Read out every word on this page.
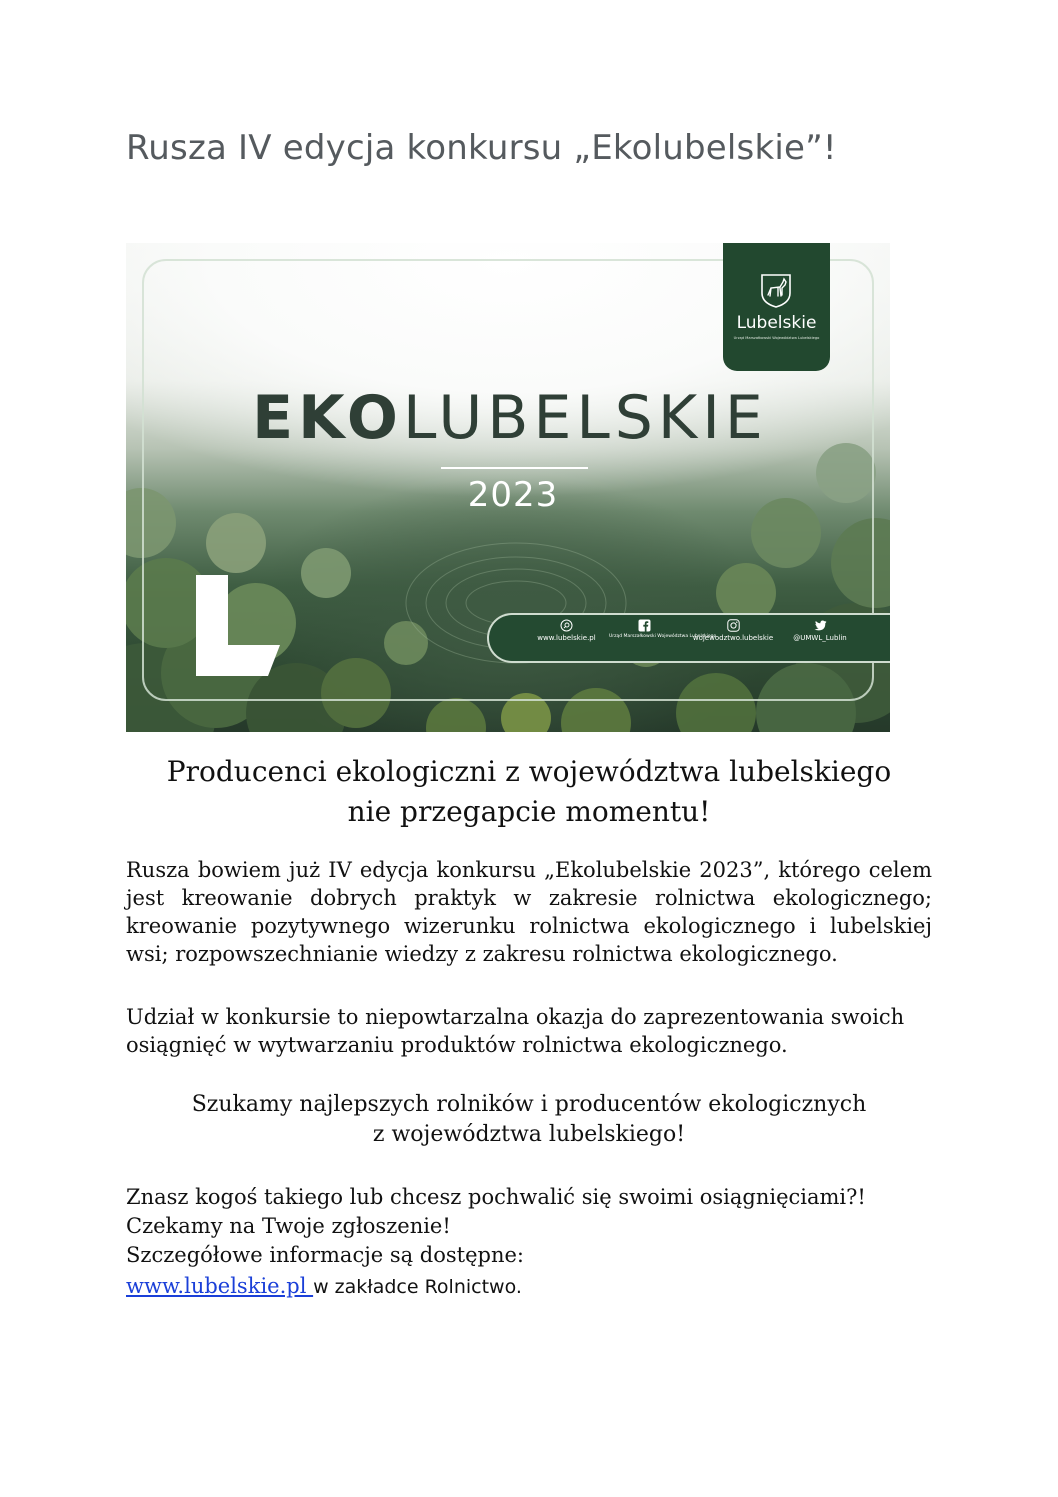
Rusza IV edycja konkursu „Ekolubelskie”!
Lubelskie
Urząd Marszałkowski Województwa Lubelskiego
EKOLUBELSKIE
2023
www.lubelskie.pl	Urząd Marszałkowski Województwa Lubelskiego
wojewodztwo.lubelskie	@UMWL_Lublin

Producenci ekologiczni z województwa lubelskiego
nie przegapcie momentu!

Rusza bowiem już IV edycja konkursu „Ekolubelskie 2023”, którego celem jest kreowanie dobrych praktyk w zakresie rolnictwa ekologicznego; kreowanie pozytywnego wizerunku rolnictwa ekologicznego i lubelskiej wsi; rozpowszechnianie wiedzy z zakresu rolnictwa ekologicznego.

Udział w konkursie to niepowtarzalna okazja do zaprezentowania swoich osiągnięć w wytwarzaniu produktów rolnictwa ekologicznego.

Szukamy najlepszych rolników i producentów ekologicznych
z województwa lubelskiego!

Znasz kogoś takiego lub chcesz pochwalić się swoimi osiągnięciami?!
Czekamy na Twoje zgłoszenie!
Szczegółowe informacje są dostępne:
www.lubelskie.pl w zakładce Rolnictwo.
